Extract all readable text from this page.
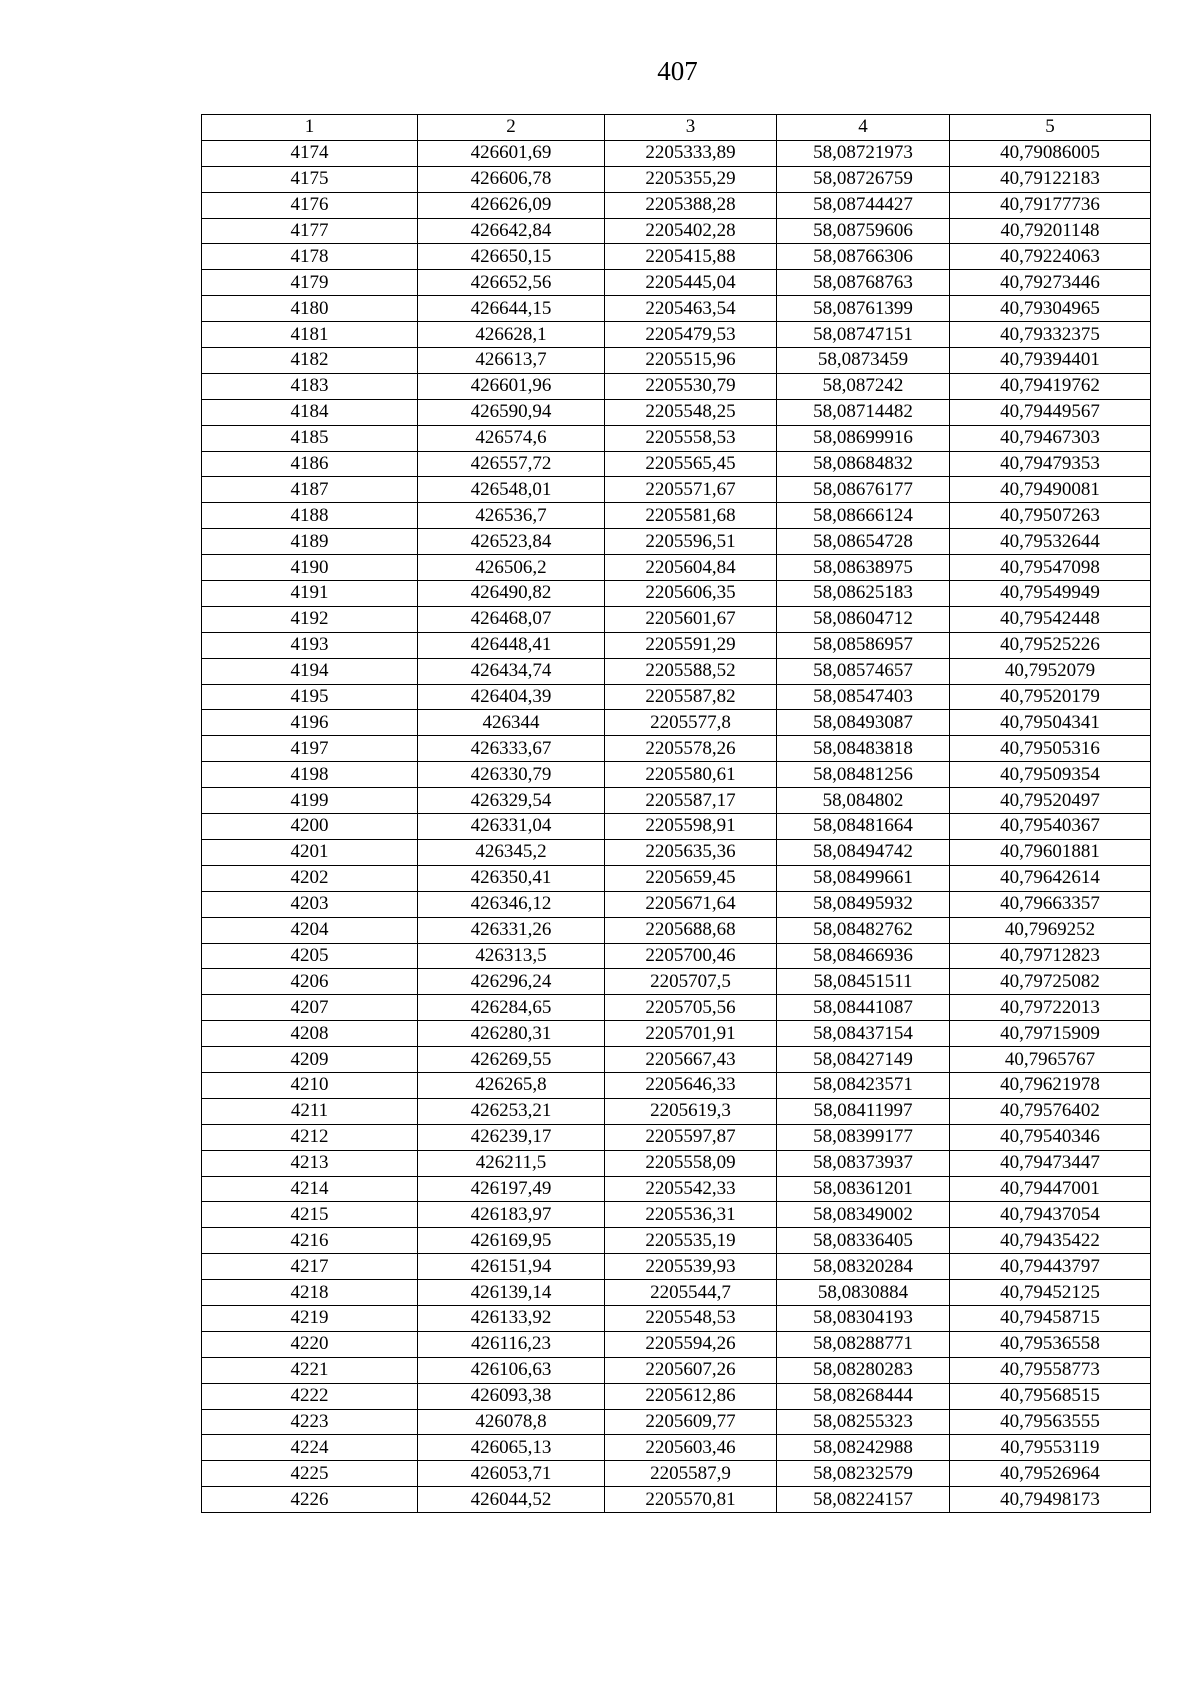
407
1	2	3	4	5
4174	426601,69	2205333,89	58,08721973	40,79086005
4175	426606,78	2205355,29	58,08726759	40,79122183
4176	426626,09	2205388,28	58,08744427	40,79177736
4177	426642,84	2205402,28	58,08759606	40,79201148
4178	426650,15	2205415,88	58,08766306	40,79224063
4179	426652,56	2205445,04	58,08768763	40,79273446
4180	426644,15	2205463,54	58,08761399	40,79304965
4181	426628,1	2205479,53	58,08747151	40,79332375
4182	426613,7	2205515,96	58,0873459	40,79394401
4183	426601,96	2205530,79	58,087242	40,79419762
4184	426590,94	2205548,25	58,08714482	40,79449567
4185	426574,6	2205558,53	58,08699916	40,79467303
4186	426557,72	2205565,45	58,08684832	40,79479353
4187	426548,01	2205571,67	58,08676177	40,79490081
4188	426536,7	2205581,68	58,08666124	40,79507263
4189	426523,84	2205596,51	58,08654728	40,79532644
4190	426506,2	2205604,84	58,08638975	40,79547098
4191	426490,82	2205606,35	58,08625183	40,79549949
4192	426468,07	2205601,67	58,08604712	40,79542448
4193	426448,41	2205591,29	58,08586957	40,79525226
4194	426434,74	2205588,52	58,08574657	40,7952079
4195	426404,39	2205587,82	58,08547403	40,79520179
4196	426344	2205577,8	58,08493087	40,79504341
4197	426333,67	2205578,26	58,08483818	40,79505316
4198	426330,79	2205580,61	58,08481256	40,79509354
4199	426329,54	2205587,17	58,084802	40,79520497
4200	426331,04	2205598,91	58,08481664	40,79540367
4201	426345,2	2205635,36	58,08494742	40,79601881
4202	426350,41	2205659,45	58,08499661	40,79642614
4203	426346,12	2205671,64	58,08495932	40,79663357
4204	426331,26	2205688,68	58,08482762	40,7969252
4205	426313,5	2205700,46	58,08466936	40,79712823
4206	426296,24	2205707,5	58,08451511	40,79725082
4207	426284,65	2205705,56	58,08441087	40,79722013
4208	426280,31	2205701,91	58,08437154	40,79715909
4209	426269,55	2205667,43	58,08427149	40,7965767
4210	426265,8	2205646,33	58,08423571	40,79621978
4211	426253,21	2205619,3	58,08411997	40,79576402
4212	426239,17	2205597,87	58,08399177	40,79540346
4213	426211,5	2205558,09	58,08373937	40,79473447
4214	426197,49	2205542,33	58,08361201	40,79447001
4215	426183,97	2205536,31	58,08349002	40,79437054
4216	426169,95	2205535,19	58,08336405	40,79435422
4217	426151,94	2205539,93	58,08320284	40,79443797
4218	426139,14	2205544,7	58,0830884	40,79452125
4219	426133,92	2205548,53	58,08304193	40,79458715
4220	426116,23	2205594,26	58,08288771	40,79536558
4221	426106,63	2205607,26	58,08280283	40,79558773
4222	426093,38	2205612,86	58,08268444	40,79568515
4223	426078,8	2205609,77	58,08255323	40,79563555
4224	426065,13	2205603,46	58,08242988	40,79553119
4225	426053,71	2205587,9	58,08232579	40,79526964
4226	426044,52	2205570,81	58,08224157	40,79498173
